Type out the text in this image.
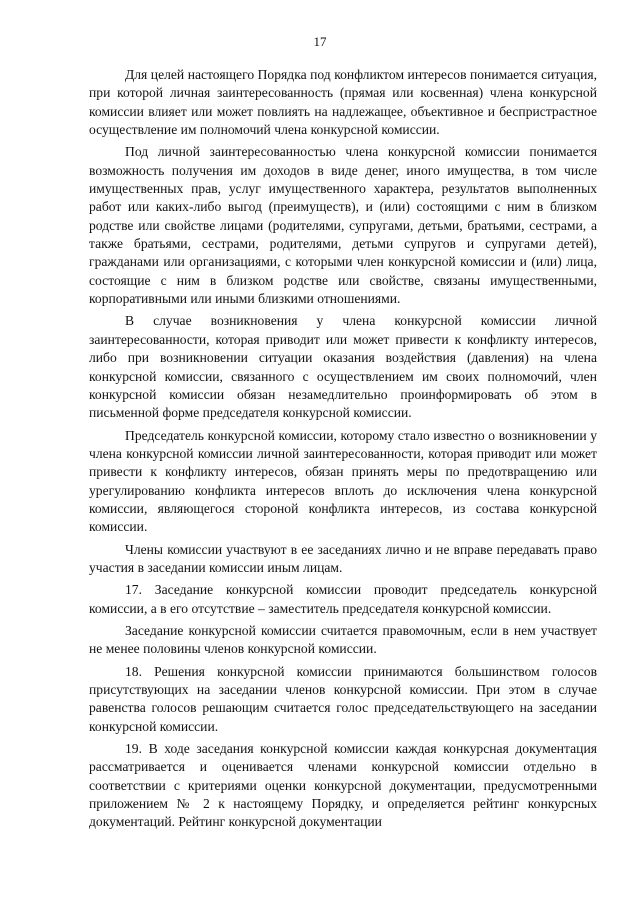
17

Для целей настоящего Порядка под конфликтом интересов понимается ситуация, при которой личная заинтересованность (прямая или косвенная) члена конкурсной комиссии влияет или может повлиять на надлежащее, объективное и беспристрастное осуществление им полномочий члена конкурсной комиссии.

Под личной заинтересованностью члена конкурсной комиссии понимается возможность получения им доходов в виде денег, иного имущества, в том числе имущественных прав, услуг имущественного характера, результатов выполненных работ или каких-либо выгод (преимуществ), и (или) состоящими с ним в близком родстве или свойстве лицами (родителями, супругами, детьми, братьями, сестрами, а также братьями, сестрами, родителями, детьми супругов и супругами детей), гражданами или организациями, с которыми член конкурсной комиссии и (или) лица, состоящие с ним в близком родстве или свойстве, связаны имущественными, корпоративными или иными близкими отношениями.

В случае возникновения у члена конкурсной комиссии личной заинтересованности, которая приводит или может привести к конфликту интересов, либо при возникновении ситуации оказания воздействия (давления) на члена конкурсной комиссии, связанного с осуществлением им своих полномочий, член конкурсной комиссии обязан незамедлительно проинформировать об этом в письменной форме председателя конкурсной комиссии.

Председатель конкурсной комиссии, которому стало известно о возникновении у члена конкурсной комиссии личной заинтересованности, которая приводит или может привести к конфликту интересов, обязан принять меры по предотвращению или урегулированию конфликта интересов вплоть до исключения члена конкурсной комиссии, являющегося стороной конфликта интересов, из состава конкурсной комиссии.

Члены комиссии участвуют в ее заседаниях лично и не вправе передавать право участия в заседании комиссии иным лицам.

17. Заседание конкурсной комиссии проводит председатель конкурсной комиссии, а в его отсутствие – заместитель председателя конкурсной комиссии.

Заседание конкурсной комиссии считается правомочным, если в нем участвует не менее половины членов конкурсной комиссии.

18. Решения конкурсной комиссии принимаются большинством голосов присутствующих на заседании членов конкурсной комиссии. При этом в случае равенства голосов решающим считается голос председательствующего на заседании конкурсной комиссии.

19. В ходе заседания конкурсной комиссии каждая конкурсная документация рассматривается и оценивается членами конкурсной комиссии отдельно в соответствии с критериями оценки конкурсной документации, предусмотренными приложением № 2 к настоящему Порядку, и определяется рейтинг конкурсных документаций. Рейтинг конкурсной документации
